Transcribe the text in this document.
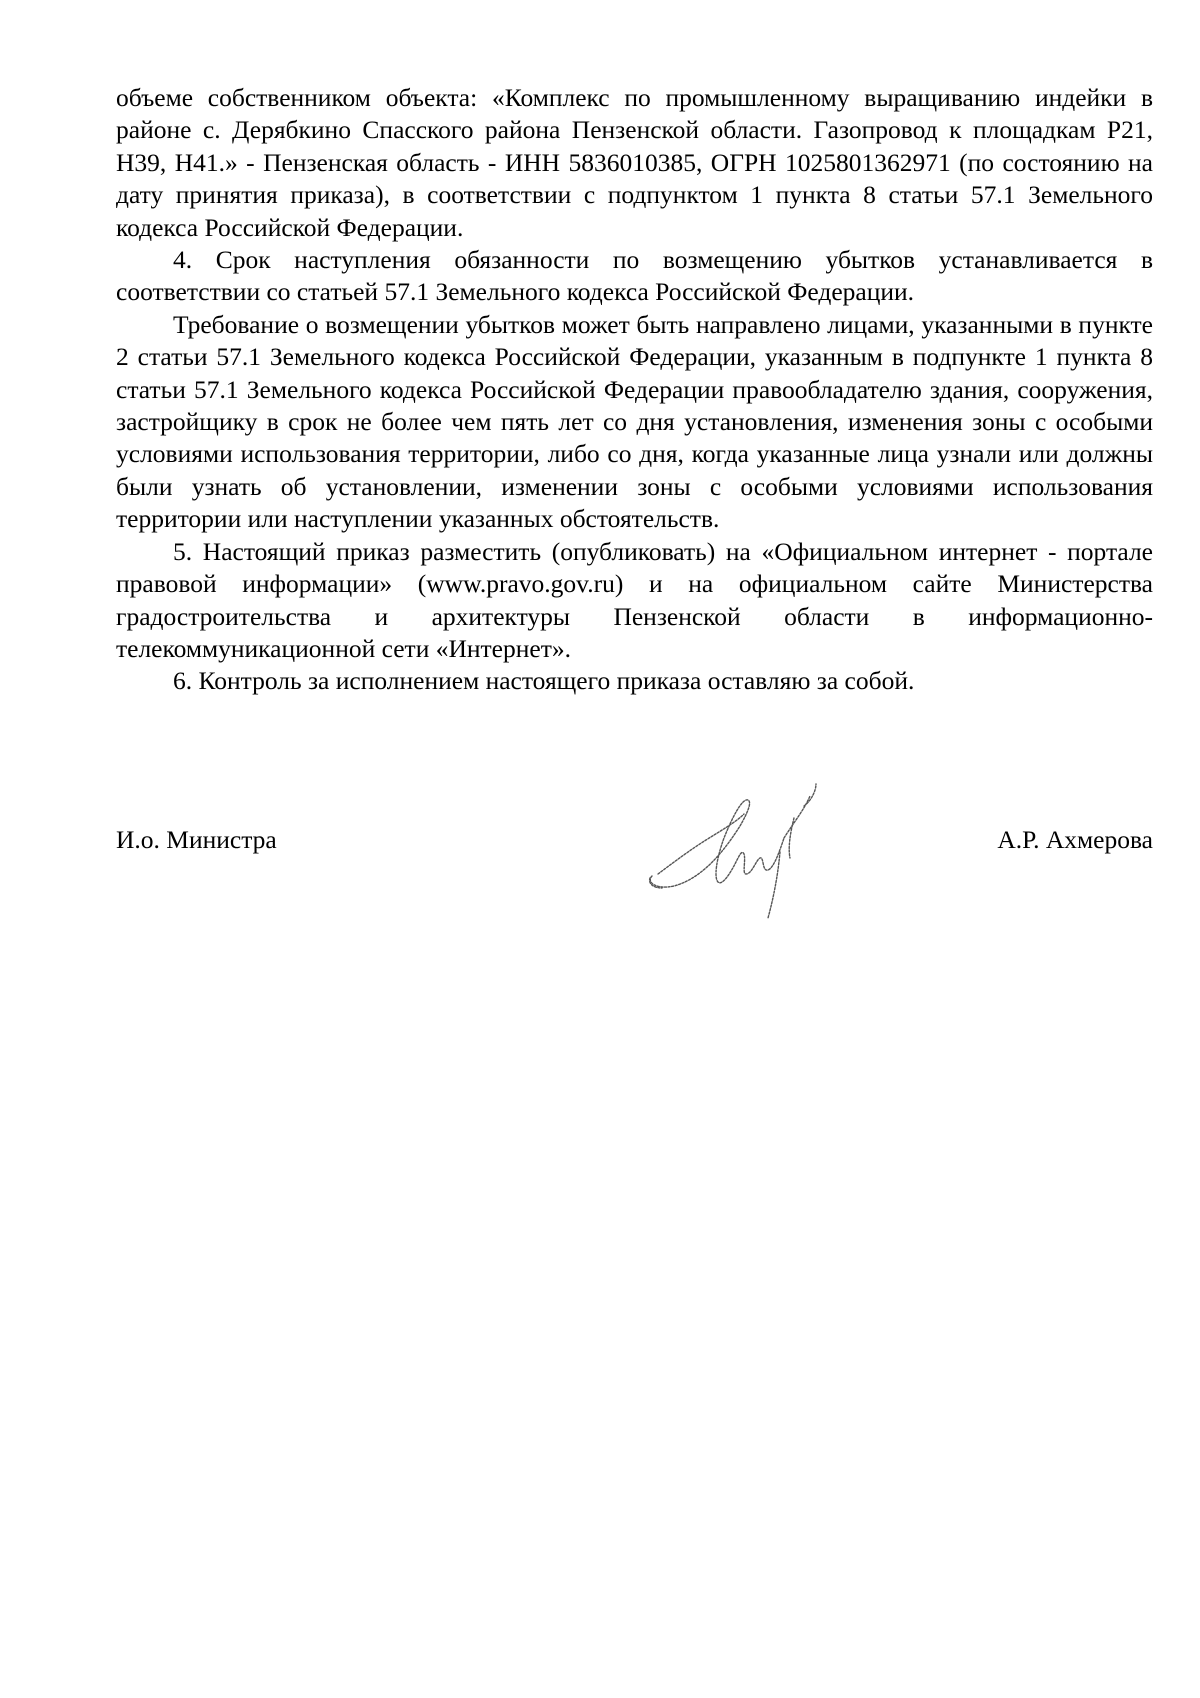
объеме собственником объекта: «Комплекс по промышленному выращиванию индейки в районе с. Дерябкино Спасского района Пензенской области. Газопровод к площадкам Р21, Н39, Н41.» - Пензенская область - ИНН 5836010385, ОГРН 1025801362971 (по состоянию на дату принятия приказа), в соответствии с подпунктом 1 пункта 8 статьи 57.1 Земельного кодекса Российской Федерации.

4. Срок наступления обязанности по возмещению убытков устанавливается в соответствии со статьей 57.1 Земельного кодекса Российской Федерации.

Требование о возмещении убытков может быть направлено лицами, указанными в пункте 2 статьи 57.1 Земельного кодекса Российской Федерации, указанным в подпункте 1 пункта 8 статьи 57.1 Земельного кодекса Российской Федерации правообладателю здания, сооружения, застройщику в срок не более чем пять лет со дня установления, изменения зоны с особыми условиями использования территории, либо со дня, когда указанные лица узнали или должны были узнать об установлении, изменении зоны с особыми условиями использования территории или наступлении указанных обстоятельств.

5. Настоящий приказ разместить (опубликовать) на «Официальном интернет - портале правовой информации» (www.pravo.gov.ru) и на официальном сайте Министерства градостроительства и архитектуры Пензенской области в информационно-телекоммуникационной сети «Интернет».

6. Контроль за исполнением настоящего приказа оставляю за собой.

И.о. Министра	А.Р. Ахмерова
